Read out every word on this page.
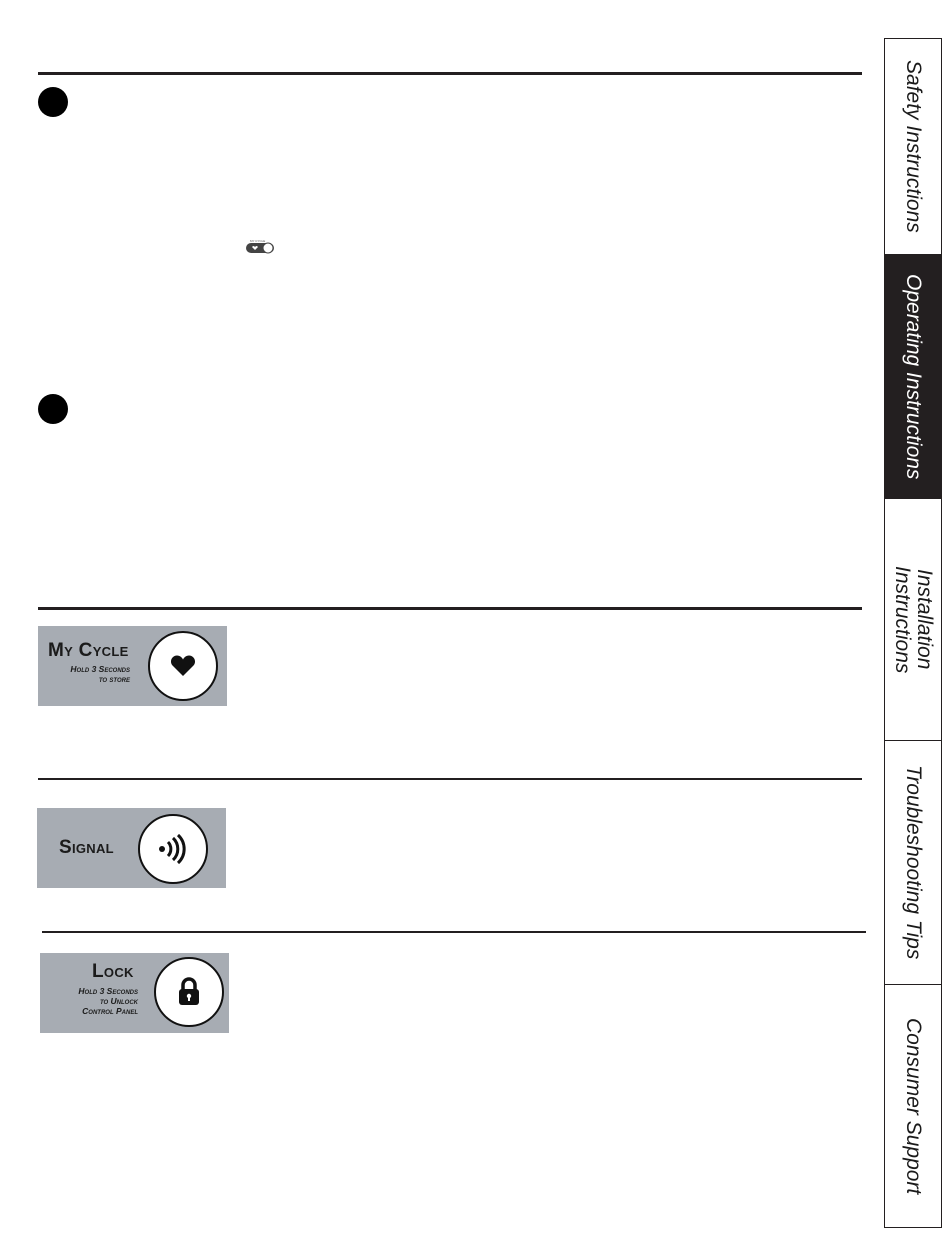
MY CYCLE
My Cycle
Hold 3 Seconds
to store
Signal
Lock
Hold 3 Seconds
to Unlock
Control Panel
Safety Instructions
Operating Instructions
Installation
Instructions
Troubleshooting Tips
Consumer Support
